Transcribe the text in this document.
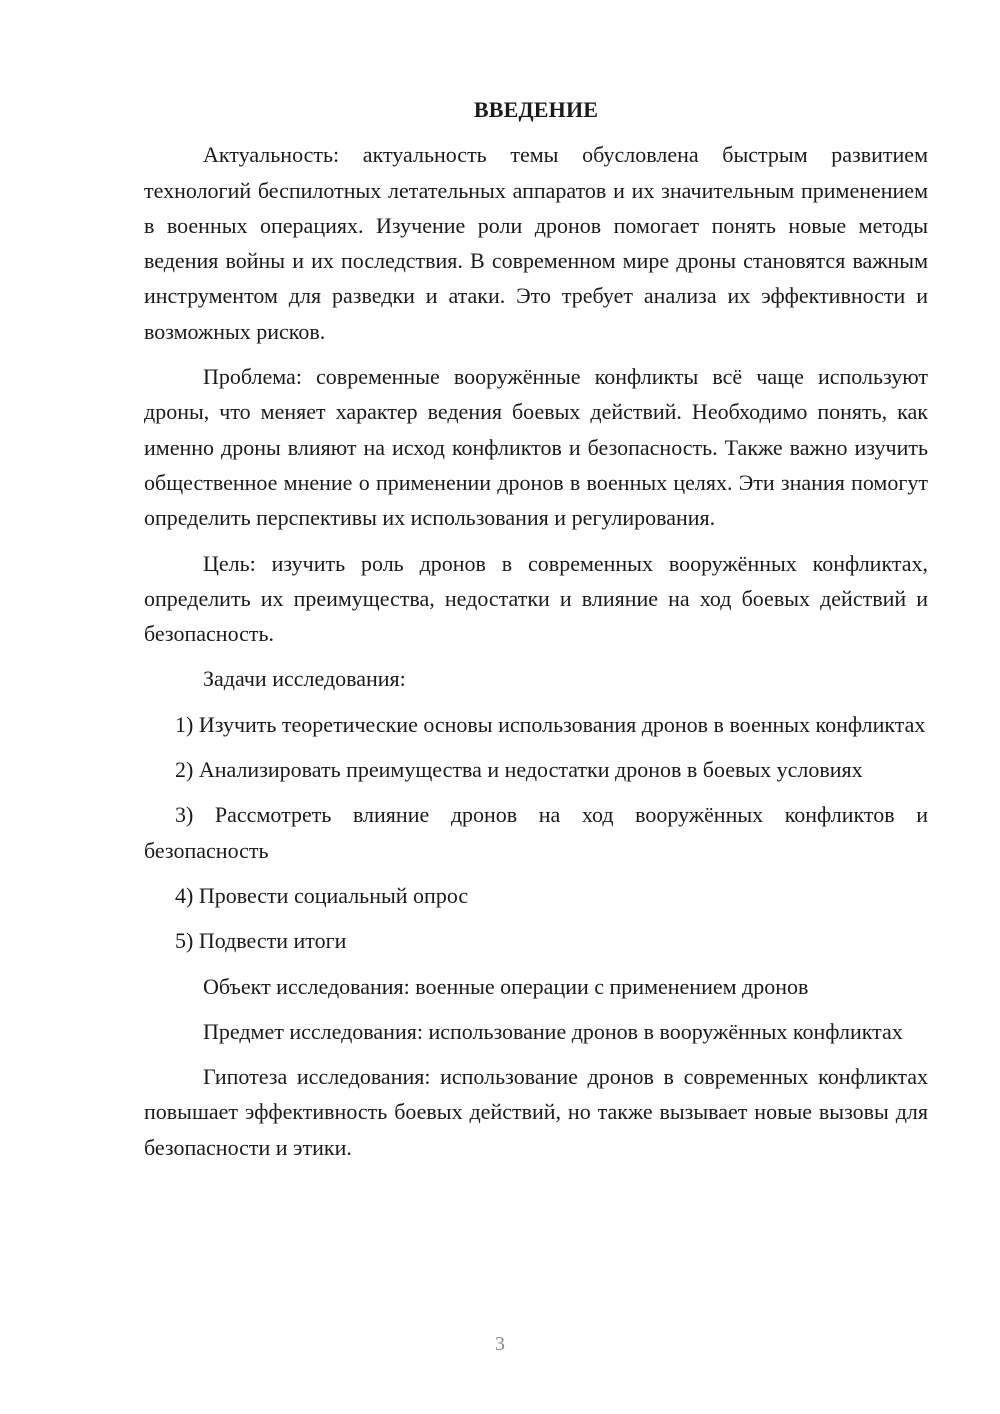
ВВЕДЕНИЕ

Актуальность: актуальность темы обусловлена быстрым развитием технологий беспилотных летательных аппаратов и их значительным применением в военных операциях. Изучение роли дронов помогает понять новые методы ведения войны и их последствия. В современном мире дроны становятся важным инструментом для разведки и атаки. Это требует анализа их эффективности и возможных рисков.

Проблема: современные вооружённые конфликты всё чаще используют дроны, что меняет характер ведения боевых действий. Необходимо понять, как именно дроны влияют на исход конфликтов и безопасность. Также важно изучить общественное мнение о применении дронов в военных целях. Эти знания помогут определить перспективы их использования и регулирования.

Цель: изучить роль дронов в современных вооружённых конфликтах, определить их преимущества, недостатки и влияние на ход боевых действий и безопасность.

Задачи исследования:

1) Изучить теоретические основы использования дронов в военных конфликтах

2) Анализировать преимущества и недостатки дронов в боевых условиях

3) Рассмотреть влияние дронов на ход вооружённых конфликтов и безопасность

4) Провести социальный опрос

5) Подвести итоги

Объект исследования: военные операции с применением дронов

Предмет исследования: использование дронов в вооружённых конфликтах

Гипотеза исследования: использование дронов в современных конфликтах повышает эффективность боевых действий, но также вызывает новые вызовы для безопасности и этики.

3
